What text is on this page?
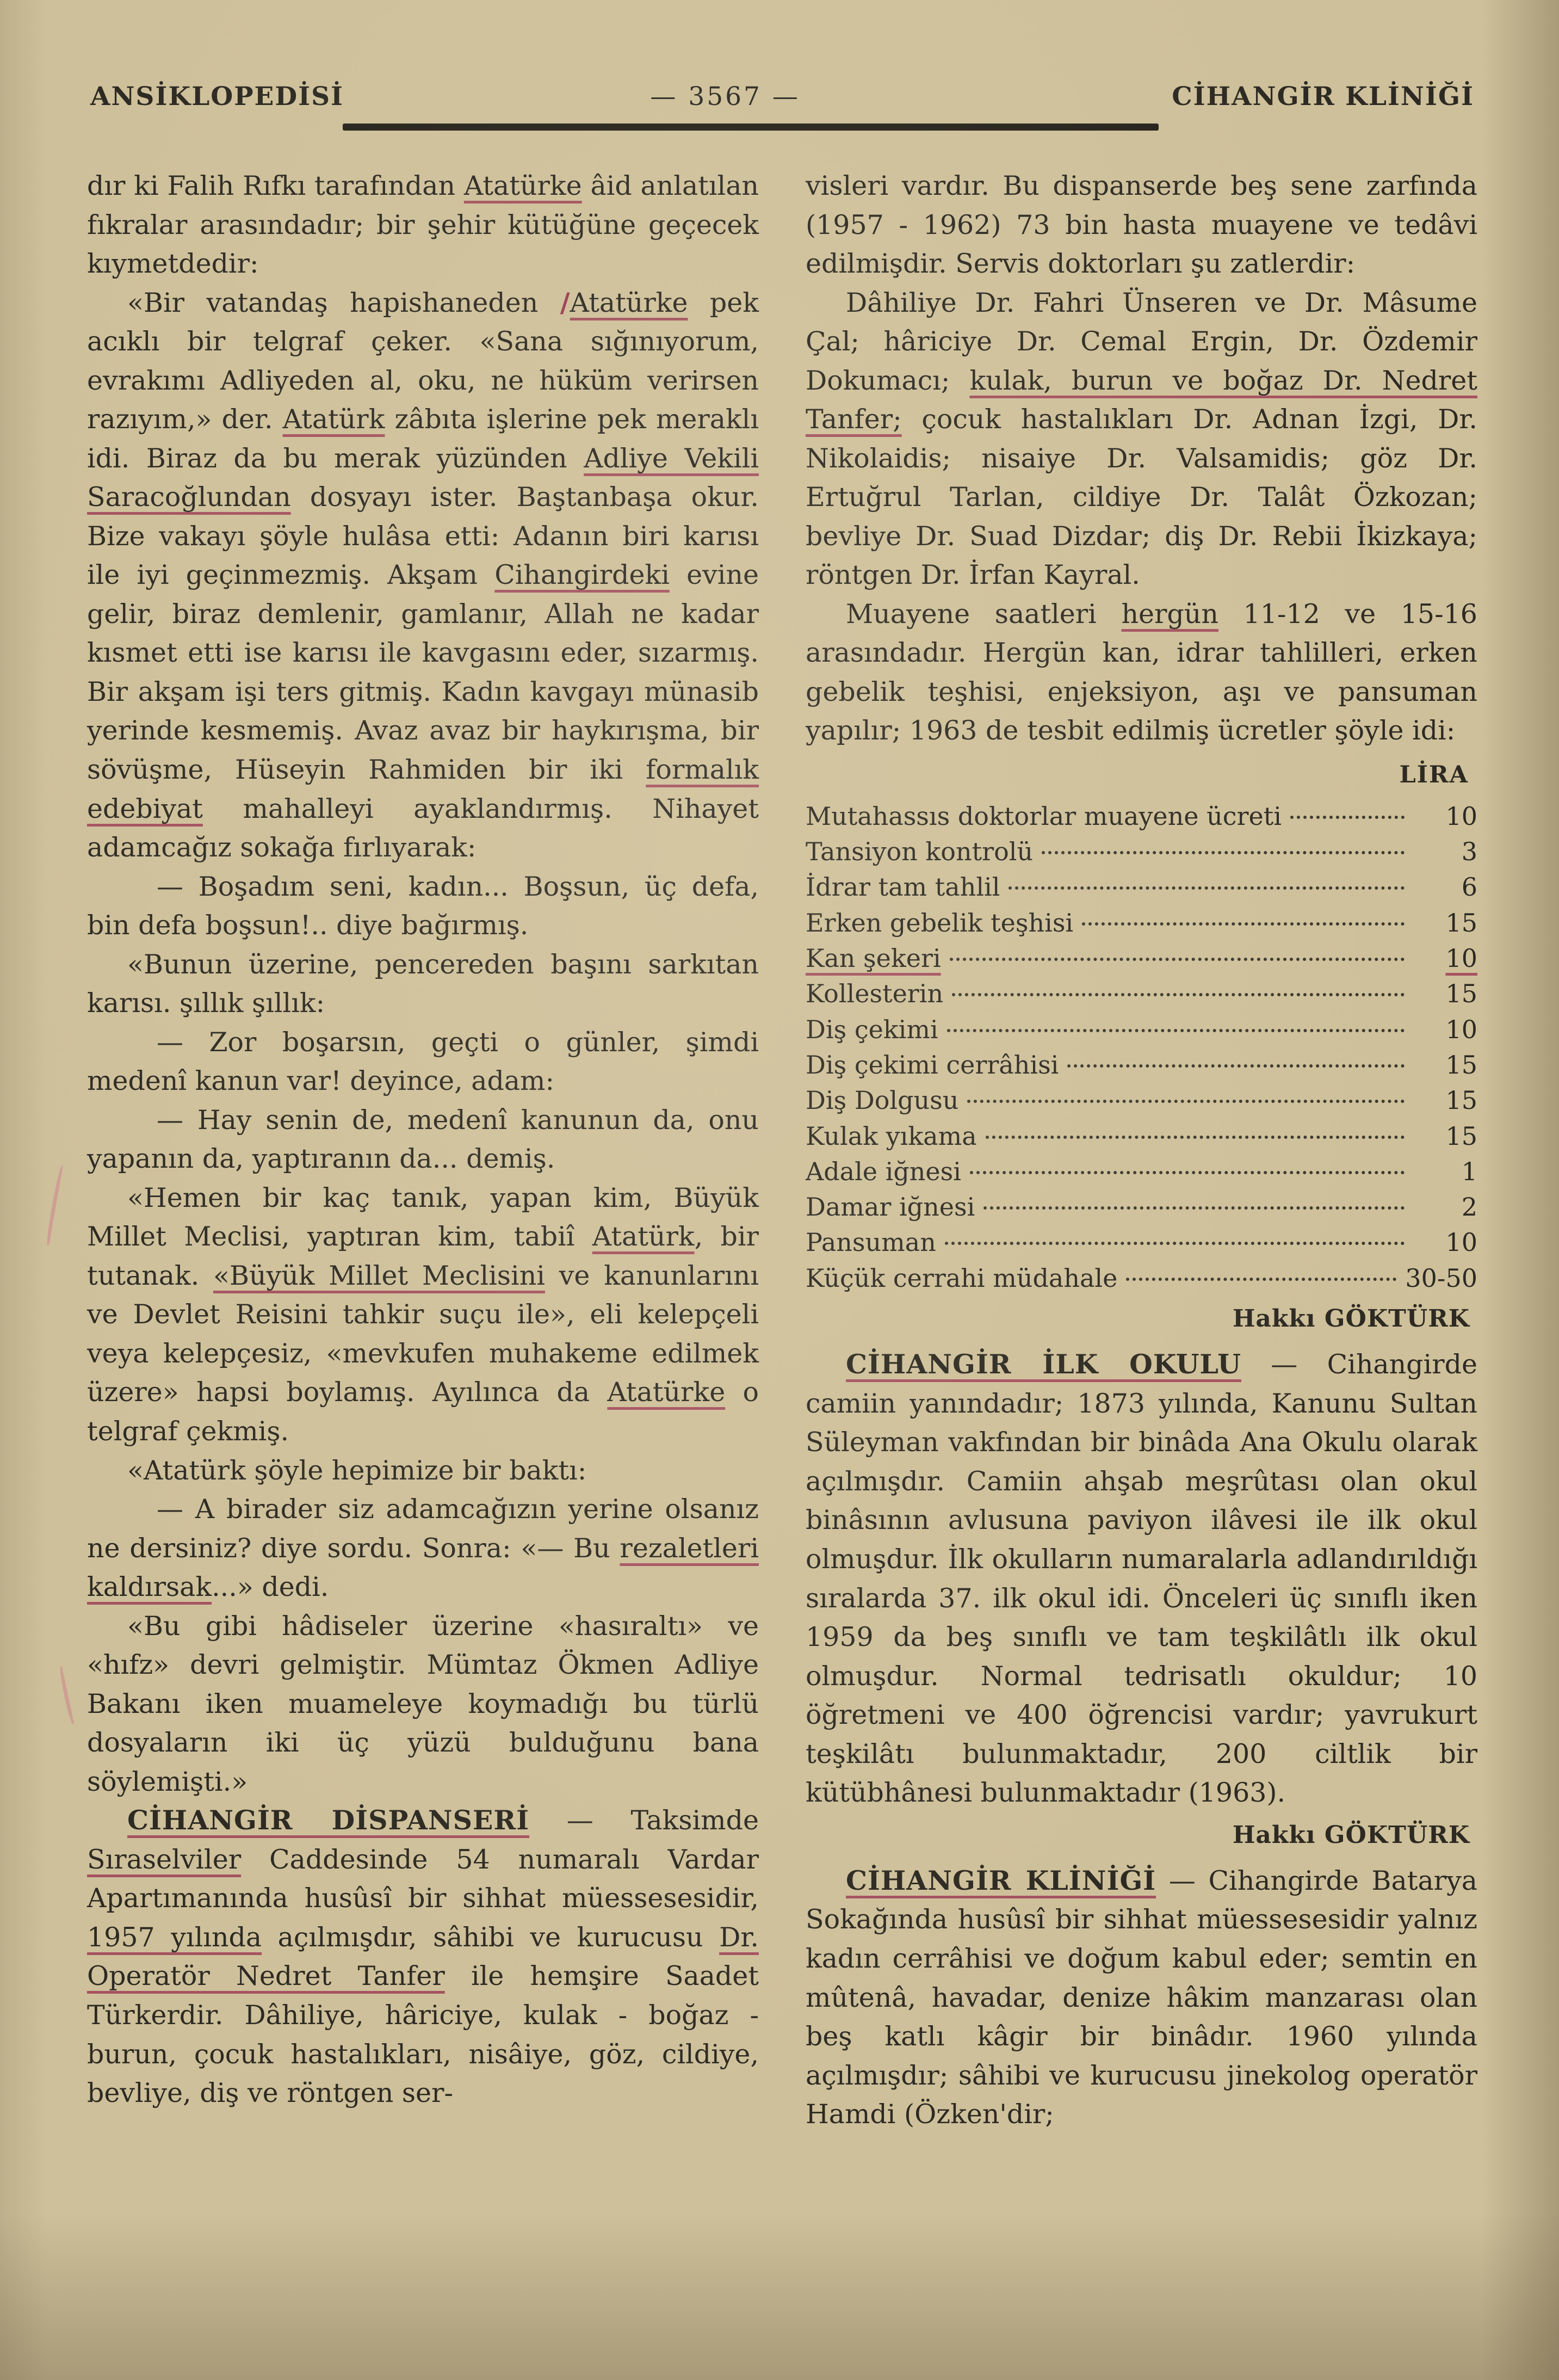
ANSİKLOPEDİSİ	— 3567 —	CİHANGİR KLİNİĞİ

dır ki Falih Rıfkı tarafından Atatürke âid anlatılan fıkralar arasındadır; bir şehir kütüğüne geçecek kıymetdedir:

«Bir vatandaş hapishaneden /Atatürke pek acıklı bir telgraf çeker. «Sana sığınıyorum, evrakımı Adliyeden al, oku, ne hüküm verirsen razıyım,» der. Atatürk zâbıta işlerine pek meraklı idi. Biraz da bu merak yüzünden Adliye Vekili Saracoğlundan dosyayı ister. Baştanbaşa okur. Bize vakayı şöyle hulâsa etti: Adanın biri karısı ile iyi geçinmezmiş. Akşam Cihangirdeki evine gelir, biraz demlenir, gamlanır, Allah ne kadar kısmet etti ise karısı ile kavgasını eder, sızarmış. Bir akşam işi ters gitmiş. Kadın kavgayı münasib yerinde kesmemiş. Avaz avaz bir haykırışma, bir sövüşme, Hüseyin Rahmiden bir iki formalık edebiyat mahalleyi ayaklandırmış. Nihayet adamcağız sokağa fırlıyarak:

— Boşadım seni, kadın... Boşsun, üç defa, bin defa boşsun!.. diye bağırmış.

«Bunun üzerine, pencereden başını sarkıtan karısı. şıllık şıllık:

— Zor boşarsın, geçti o günler, şimdi medenî kanun var! deyince, adam:

— Hay senin de, medenî kanunun da, onu yapanın da, yaptıranın da... demiş.

«Hemen bir kaç tanık, yapan kim, Büyük Millet Meclisi, yaptıran kim, tabiî Atatürk, bir tutanak. «Büyük Millet Meclisini ve kanunlarını ve Devlet Reisini tahkir suçu ile», eli kelepçeli veya kelepçesiz, «mevkufen muhakeme edilmek üzere» hapsi boylamış. Ayılınca da Atatürke o telgraf çekmiş.

«Atatürk şöyle hepimize bir baktı:

— A birader siz adamcağızın yerine olsanız ne dersiniz? diye sordu. Sonra: «— Bu rezaletleri kaldırsak...» dedi.

«Bu gibi hâdiseler üzerine «hasıraltı» ve «hıfz» devri gelmiştir. Mümtaz Ökmen Adliye Bakanı iken muameleye koymadığı bu türlü dosyaların iki üç yüzü bulduğunu bana söylemişti.»

CİHANGİR DİSPANSERİ — Taksimde Sıraselviler Caddesinde 54 numaralı Vardar Apartımanında husûsî bir sihhat müessesesidir, 1957 yılında açılmışdır, sâhibi ve kurucusu Dr. Operatör Nedret Tanfer ile hemşire Saadet Türkerdir. Dâhiliye, hâriciye, kulak - boğaz - burun, çocuk hastalıkları, nisâiye, göz, cildiye, bevliye, diş ve röntgen ser-

visleri vardır. Bu dispanserde beş sene zarfında (1957 - 1962) 73 bin hasta muayene ve tedâvi edilmişdir. Servis doktorları şu zatlerdir:

Dâhiliye Dr. Fahri Ünseren ve Dr. Mâsume Çal; hâriciye Dr. Cemal Ergin, Dr. Özdemir Dokumacı; kulak, burun ve boğaz Dr. Nedret Tanfer; çocuk hastalıkları Dr. Adnan İzgi, Dr. Nikolaidis; nisaiye Dr. Valsamidis; göz Dr. Ertuğrul Tarlan, cildiye Dr. Talât Özkozan; bevliye Dr. Suad Dizdar; diş Dr. Rebii İkizkaya; röntgen Dr. İrfan Kayral.

Muayene saatleri hergün 11-12 ve 15-16 arasındadır. Hergün kan, idrar tahlilleri, erken gebelik teşhisi, enjeksiyon, aşı ve pansuman yapılır; 1963 de tesbit edilmiş ücretler şöyle idi:

LİRA
Mutahassıs doktorlar muayene ücreti	10
Tansiyon kontrolü	3
İdrar tam tahlil	6
Erken gebelik teşhisi	15
Kan şekeri	10
Kollesterin	15
Diş çekimi	10
Diş çekimi cerrâhisi	15
Diş Dolgusu	15
Kulak yıkama	15
Adale iğnesi	1
Damar iğnesi	2
Pansuman	10
Küçük cerrahi müdahale	30-50
Hakkı GÖKTÜRK

CİHANGİR İLK OKULU — Cihangirde camiin yanındadır; 1873 yılında, Kanunu Sultan Süleyman vakfından bir binâda Ana Okulu olarak açılmışdır. Camiin ahşab meşrûtası olan okul binâsının avlusuna paviyon ilâvesi ile ilk okul olmuşdur. İlk okulların numaralarla adlandırıldığı sıralarda 37. ilk okul idi. Önceleri üç sınıflı iken 1959 da beş sınıflı ve tam teşkilâtlı ilk okul olmuşdur. Normal tedrisatlı okuldur; 10 öğretmeni ve 400 öğrencisi vardır; yavrukurt teşkilâtı bulunmaktadır, 200 ciltlik bir kütübhânesi bulunmaktadır (1963).

Hakkı GÖKTÜRK

CİHANGİR KLİNİĞİ — Cihangirde Batarya Sokağında husûsî bir sihhat müessesesidir yalnız kadın cerrâhisi ve doğum kabul eder; semtin en mûtenâ, havadar, denize hâkim manzarası olan beş katlı kâgir bir binâdır. 1960 yılında açılmışdır; sâhibi ve kurucusu jinekolog operatör Hamdi (Özken'dir;
